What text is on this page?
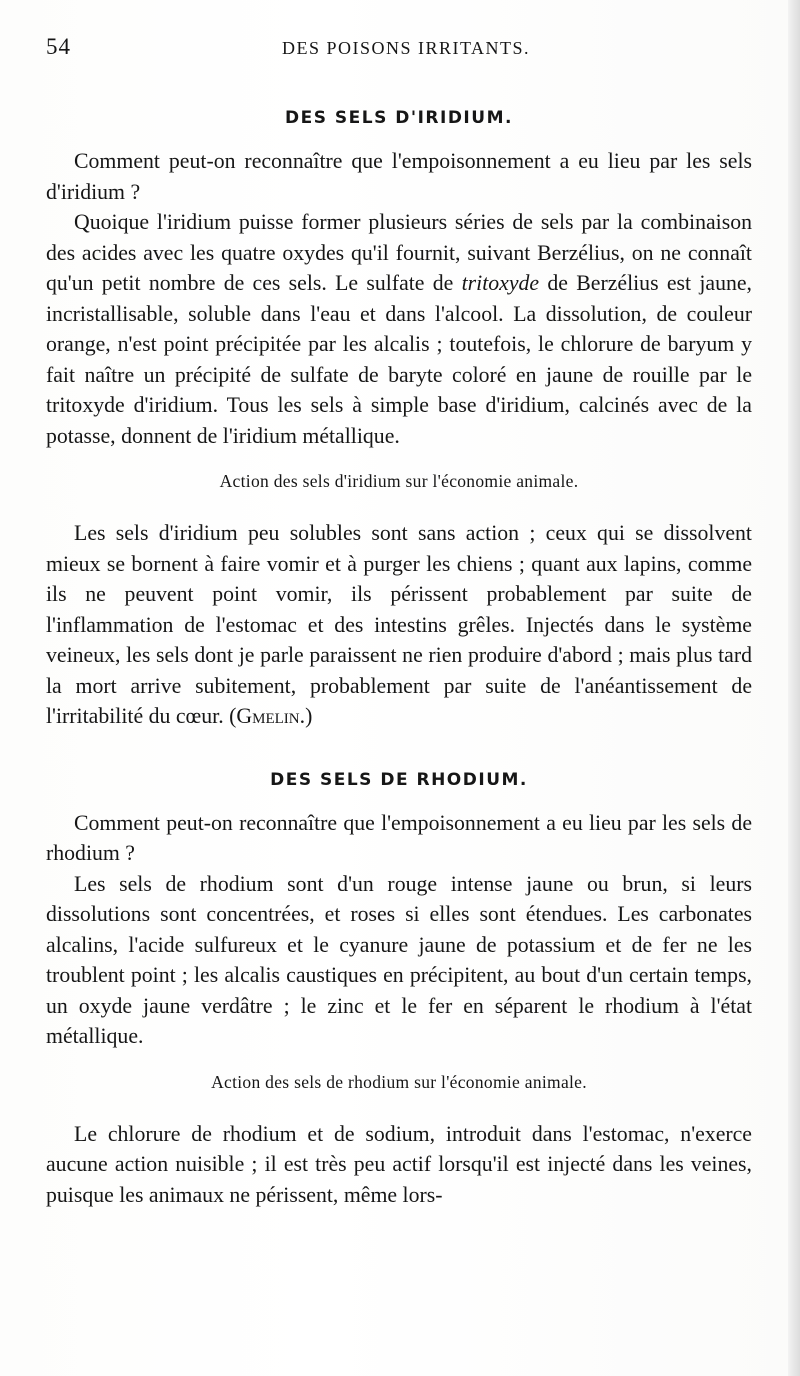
54	DES POISONS IRRITANTS.
DES SELS D'IRIDIUM.

Comment peut-on reconnaître que l'empoisonnement a eu lieu par les sels d'iridium ?

Quoique l'iridium puisse former plusieurs séries de sels par la combinaison des acides avec les quatre oxydes qu'il fournit, suivant Berzélius, on ne connaît qu'un petit nombre de ces sels. Le sulfate de tritoxyde de Berzélius est jaune, incristallisable, soluble dans l'eau et dans l'alcool. La dissolution, de couleur orange, n'est point précipitée par les alcalis ; toutefois, le chlorure de baryum y fait naître un précipité de sulfate de baryte coloré en jaune de rouille par le tritoxyde d'iridium. Tous les sels à simple base d'iridium, calcinés avec de la potasse, donnent de l'iridium métallique.

Action des sels d'iridium sur l'économie animale.

Les sels d'iridium peu solubles sont sans action ; ceux qui se dissolvent mieux se bornent à faire vomir et à purger les chiens ; quant aux lapins, comme ils ne peuvent point vomir, ils périssent probablement par suite de l'inflammation de l'estomac et des intestins grêles. Injectés dans le système veineux, les sels dont je parle paraissent ne rien produire d'abord ; mais plus tard la mort arrive subitement, probablement par suite de l'anéantissement de l'irritabilité du cœur. (Gmelin.)

DES SELS DE RHODIUM.

Comment peut-on reconnaître que l'empoisonnement a eu lieu par les sels de rhodium ?

Les sels de rhodium sont d'un rouge intense jaune ou brun, si leurs dissolutions sont concentrées, et roses si elles sont étendues. Les carbonates alcalins, l'acide sulfureux et le cyanure jaune de potassium et de fer ne les troublent point ; les alcalis caustiques en précipitent, au bout d'un certain temps, un oxyde jaune verdâtre ; le zinc et le fer en séparent le rhodium à l'état métallique.

Action des sels de rhodium sur l'économie animale.

Le chlorure de rhodium et de sodium, introduit dans l'estomac, n'exerce aucune action nuisible ; il est très peu actif lorsqu'il est injecté dans les veines, puisque les animaux ne périssent, même lors-
